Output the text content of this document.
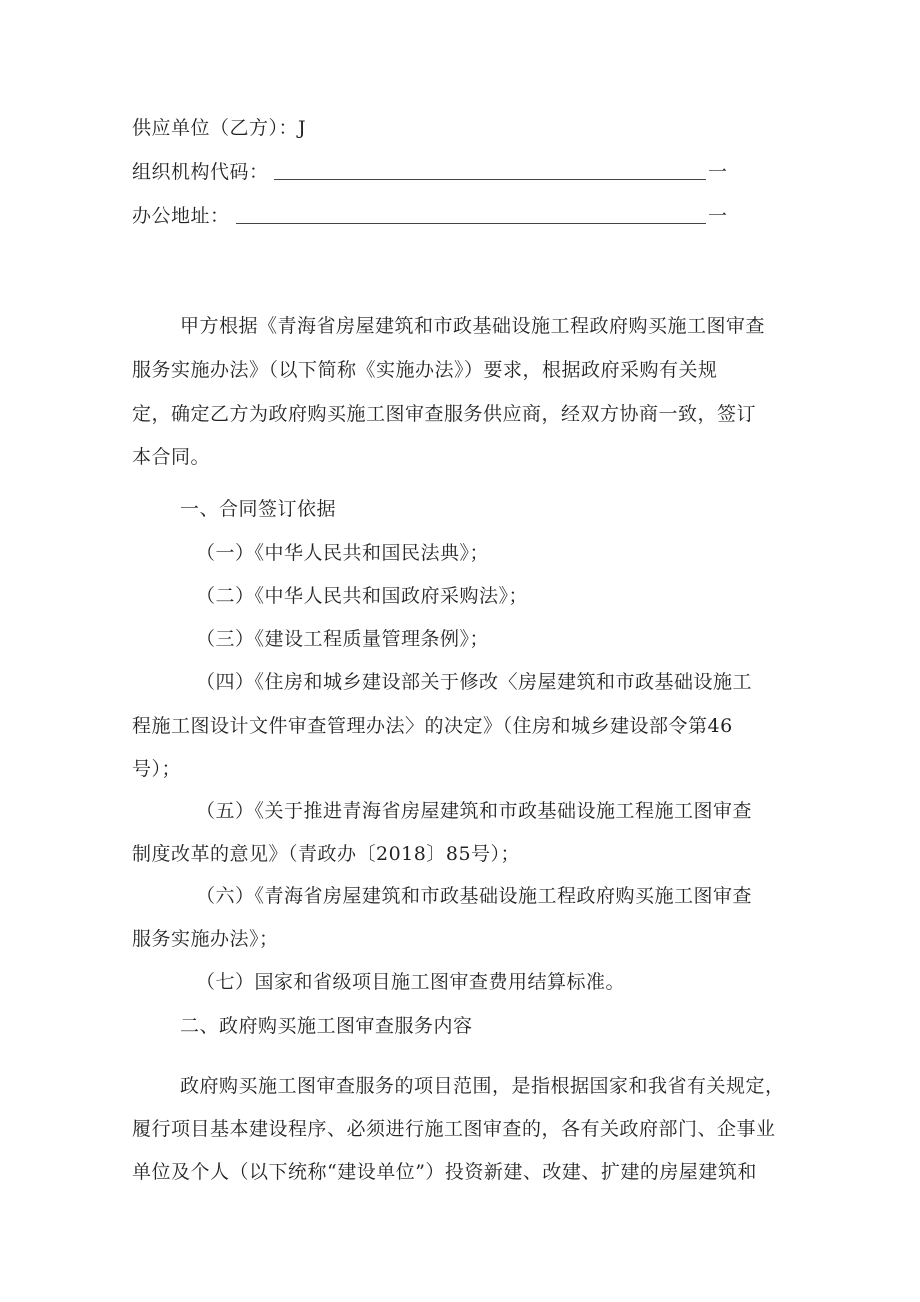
供应单位（乙方）：J
组织机构代码：	一
办公地址：	一
甲方根据《青海省房屋建筑和市政基础设施工程政府购买施工图审查
服务实施办法》（以下简称《实施办法》）要求，根据政府采购有关规
定，确定乙方为政府购买施工图审查服务供应商，经双方协商一致，签订
本合同。
一、合同签订依据
（一）《中华人民共和国民法典》；
（二）《中华人民共和国政府采购法》；
（三）《建设工程质量管理条例》；
（四）《住房和城乡建设部关于修改〈房屋建筑和市政基础设施工
程施工图设计文件审查管理办法〉的决定》（住房和城乡建设部令第46
号）；
（五）《关于推进青海省房屋建筑和市政基础设施工程施工图审查
制度改革的意见》（青政办〔2018〕85号）；
（六）《青海省房屋建筑和市政基础设施工程政府购买施工图审查
服务实施办法》；
（七）国家和省级项目施工图审查费用结算标准。
二、政府购买施工图审查服务内容
政府购买施工图审查服务的项目范围，是指根据国家和我省有关规定，
履行项目基本建设程序、必须进行施工图审查的，各有关政府部门、企事业
单位及个人（以下统称“建设单位”）投资新建、改建、扩建的房屋建筑和
